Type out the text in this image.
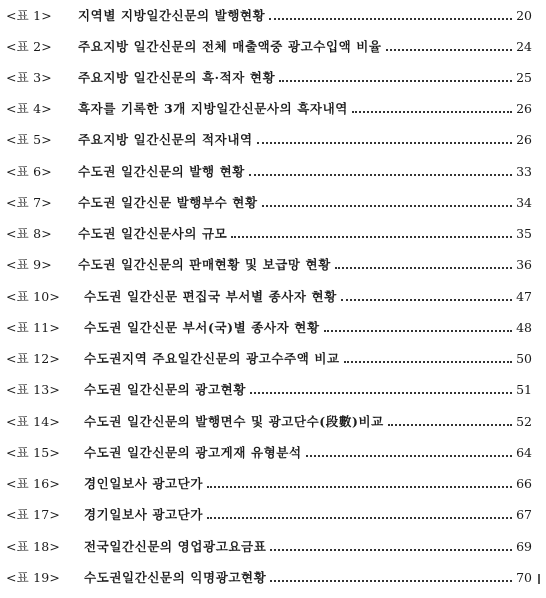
<표 1>	지역별 지방일간신문의 발행현황	20
<표 2>	주요지방 일간신문의 전체 매출액중 광고수입액 비율	24
<표 3>	주요지방 일간신문의 흑·적자 현황	25
<표 4>	흑자를 기록한 3개 지방일간신문사의 흑자내역	26
<표 5>	주요지방 일간신문의 적자내역	26
<표 6>	수도권 일간신문의 발행 현황	33
<표 7>	수도권 일간신문 발행부수 현황	34
<표 8>	수도권 일간신문사의 규모	35
<표 9>	수도권 일간신문의 판매현황 및 보급망 현황	36
<표 10>	수도권 일간신문 편집국 부서별 종사자 현황	47
<표 11>	수도권 일간신문 부서(국)별 종사자 현황	48
<표 12>	수도권지역 주요일간신문의 광고수주액 비교	50
<표 13>	수도권 일간신문의 광고현황	51
<표 14>	수도권 일간신문의 발행면수 및 광고단수(段數)비교	52
<표 15>	수도권 일간신문의 광고게재 유형분석	64
<표 16>	경인일보사 광고단가	66
<표 17>	경기일보사 광고단가	67
<표 18>	전국일간신문의 영업광고요금표	69
<표 19>	수도권일간신문의 익명광고현황	70
